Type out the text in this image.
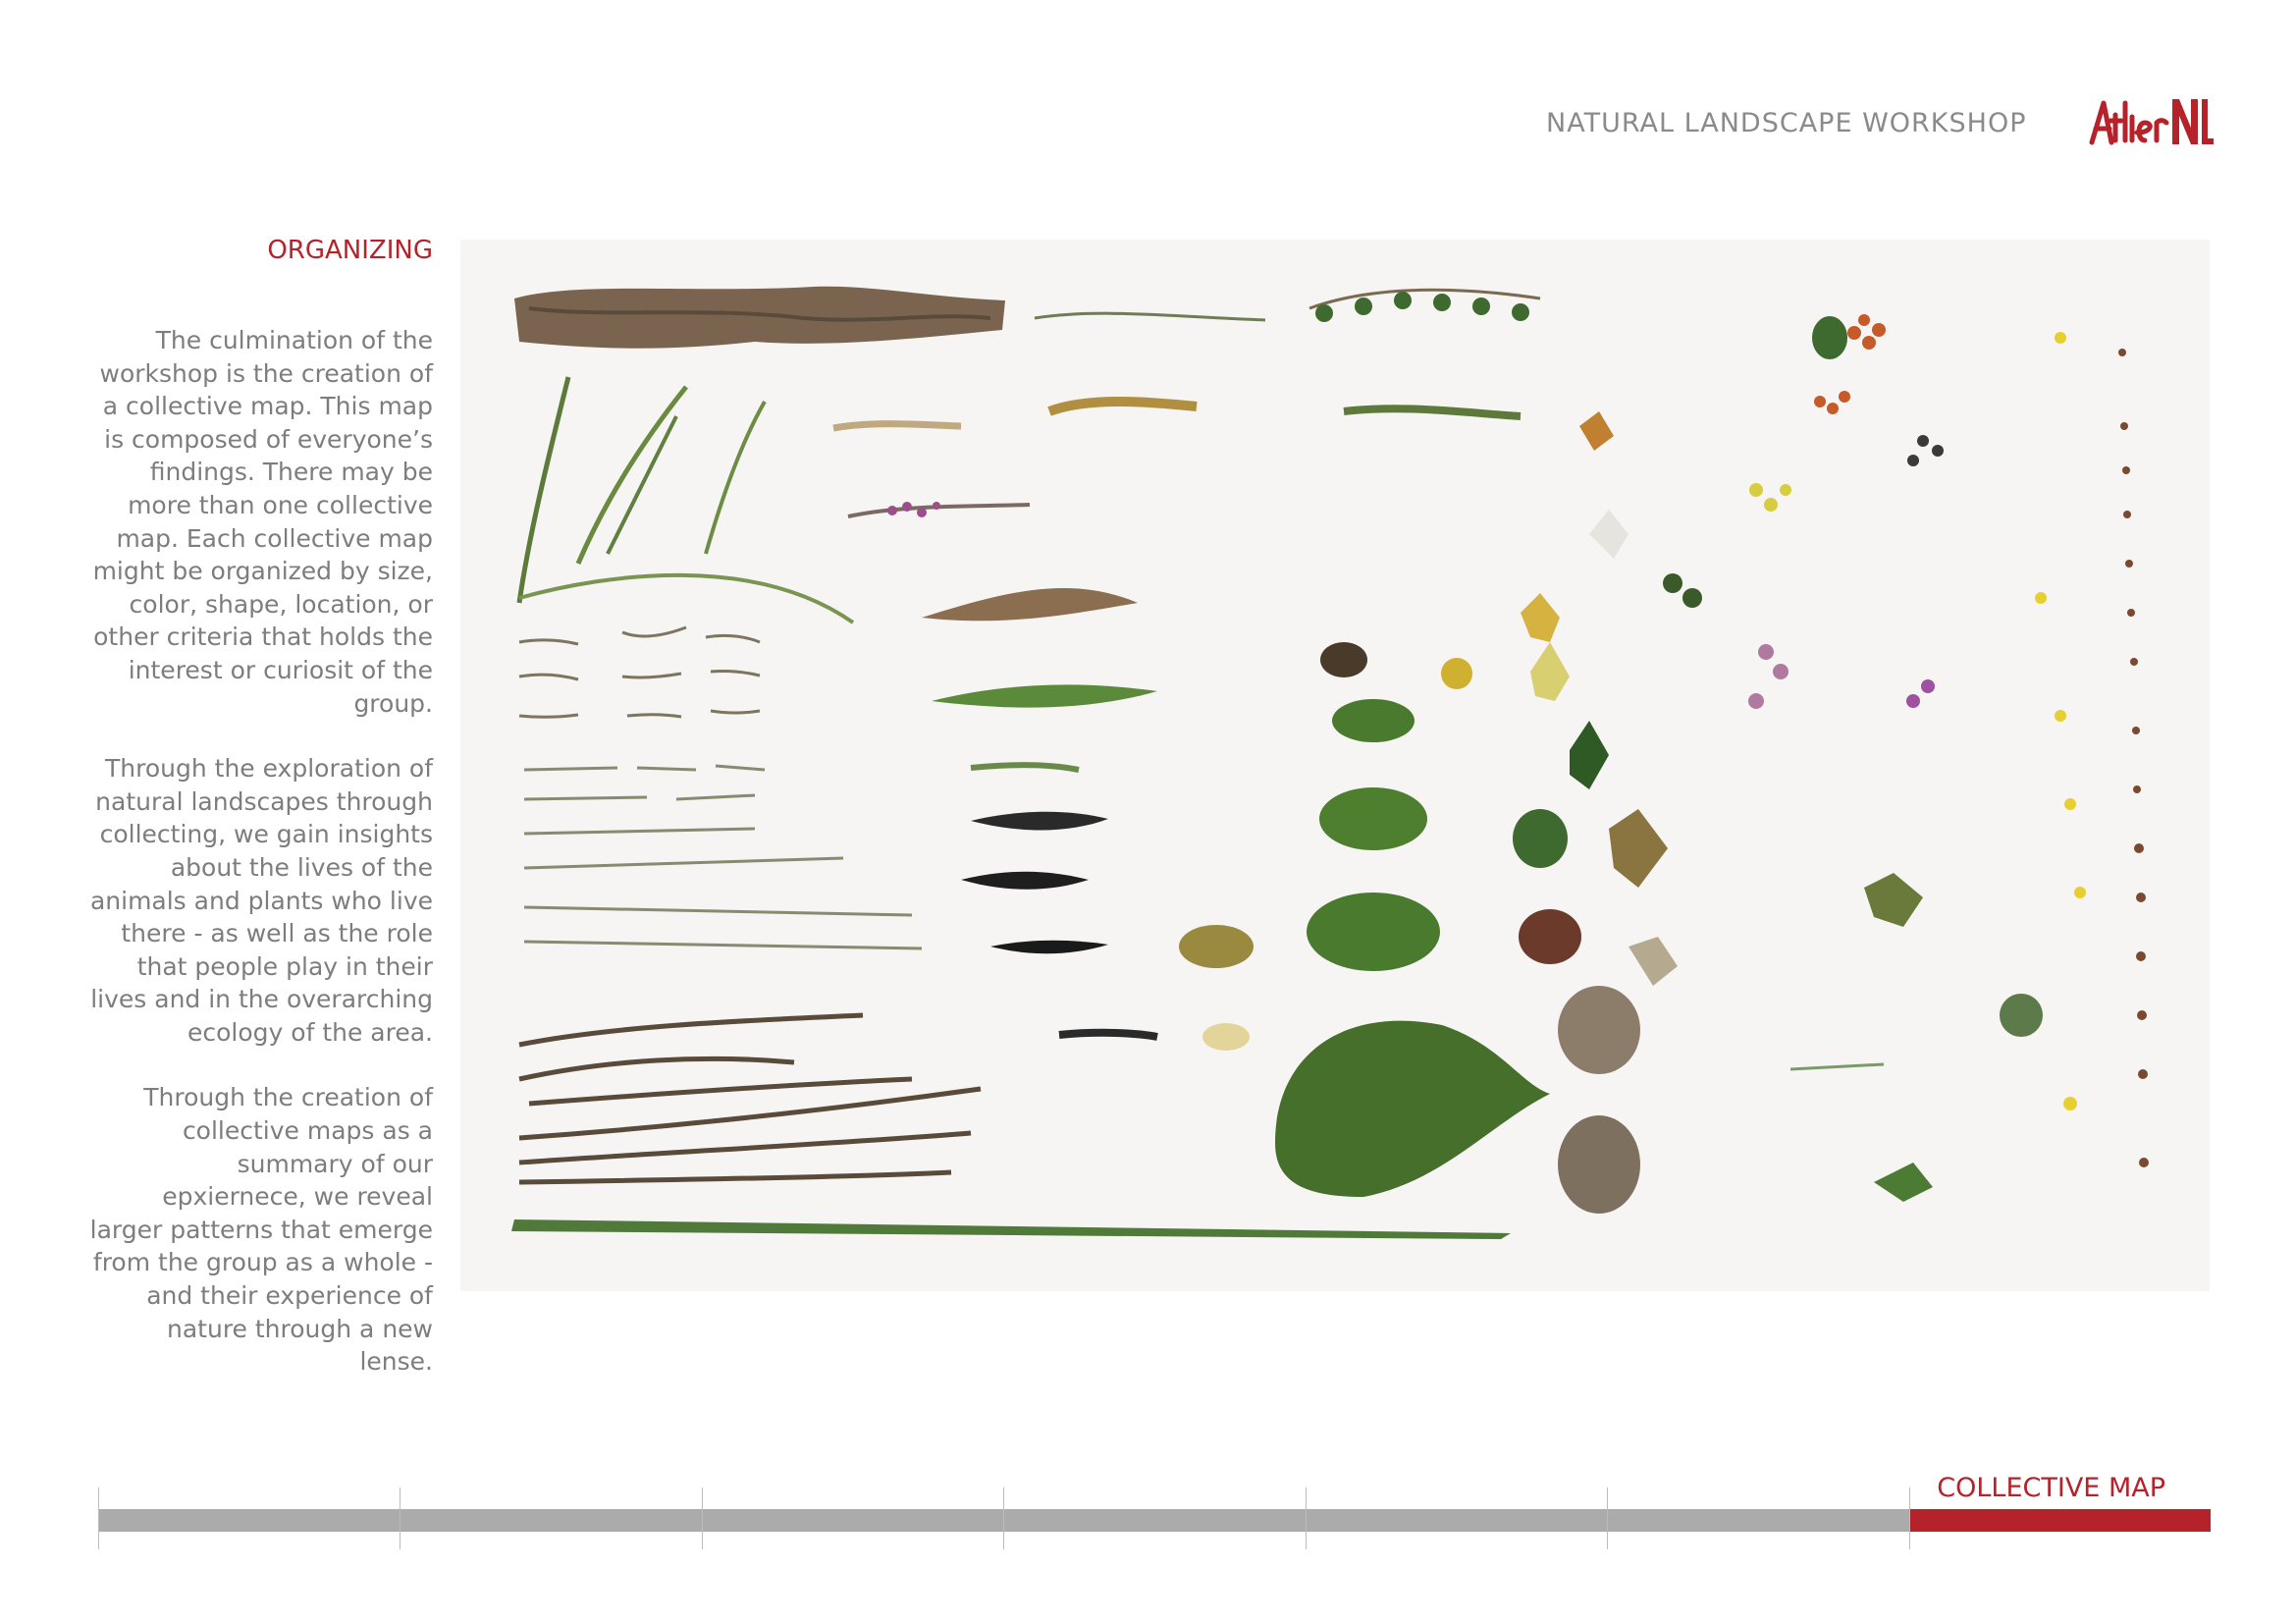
NATURAL LANDSCAPE WORKSHOP
ORGANIZING

The culmination of the workshop is the creation of a collective map. This map is composed of everyone’s findings. There may be more than one collective map. Each collective map might be organized by size, color, shape, location, or other criteria that holds the interest or curiosit of the group.

Through the exploration of natural landscapes through collecting, we gain insights about the lives of the animals and plants who live there - as well as the role that people play in their lives and in the overarching ecology of the area.

Through the creation of collective maps as a summary of our epxiernece, we reveal larger patterns that emerge from the group as a whole - and their experience of nature through a new lense.

COLLECTIVE MAP
